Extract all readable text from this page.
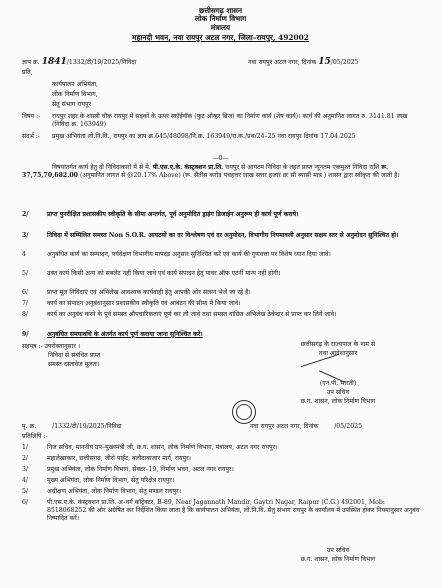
छत्तीसगढ़ शासन
लोक निर्माण विभाग
मंत्रालय
महानदी भवन, नवा रायपुर अटल नगर, जिला–रायपुर, 492002
ज्ञाप क्र. 1841/1332/टी/19/2025/निविदा	नवा रायपुर अटल नगर, दिनांक 15/05/2025
प्रति,
कार्यपालन अभियंता,
लोक निर्माण विभाग,
सेतु संभाग रायपुर
विषय :-	रायपुर शहर के शास्त्री चौक रायपुर में सड़कों के ऊपर स्कॉईवॉक (फुट ओव्हर ब्रिज) का निर्माण कार्य (शेष कार्य)। कार्य की अनुमानित लागत रु. 3141.81 लाख (निविदा क्र. 163949)
संदर्भ :-	प्रमुख अभियंता लो.नि.वि., रायपुर का ज्ञाप क्र.645/48098/नि.क्र. 163949/रा.क./प्रथ/24–25 नवा रायपुर दिनांक 17.04.2025
—0—
विषयांतर्गत कार्य हेतु दो निविदाकारों में से मे. पी.एस.ए.के. कंस्ट्रक्शन प्रा.लि. रायपुर से आयटम निविदा के तहत प्राप्त न्यूनतम एकमुश्त निविदा राशि रू. 37,75,70,682.00 (अनुमानित लागत से @20.17% Above) (रू. सैंतीस करोड़ पचहत्तर लाख सत्तर हजार छः सौ ब्यासी मात्र ) शासन द्वारा स्वीकृत की जाती है।
2/	प्राप्त पुनरीक्षित प्रशासकीय स्वीकृति के सीमा अन्तर्गत, पूर्व अनुमोदित ड्राइंग डिजाईन अनुरूप ही कार्य पूर्ण कराये।
3/	निविदा में सम्मिलित समस्त Non S.O.R. आयटमों का दर विश्लेषण एवं दर अनुमोदन, विभागीय नियमावली अनुसार सक्षम स्तर से अनुमोदन सुनिश्चित हो।
4	अनुबंधित कार्य का सम्पादन, पर्यवेक्षण विभागीय मापदंड अनुसार सुनिश्चित करें एवं कार्य की गुणवत्ता पर विशेष ध्यान दिया जावे।
5/	उक्त कार्य किसी अन्य को सबलेट नहीं किया जावे एवं कार्य संपादन हेतु पावर ऑफ एटर्नी मान्य नहीं होगी।
6/	प्राप्त मूल निविदाएं एवं अभिलेख आवश्यक कार्यवाही हेतु आपकी ओर संलग्न भेजे जा रहे है।
7/	कार्य का संपादन अनुबंधानुसार प्रशासकीय स्वीकृति एवं आबंटन की सीमा में किया जावे।
8/	कार्य का अनुबंध करने के पूर्व समस्त औपचारिकताएं पूर्ण कर ली जावे तथा समस्त वांछित अभिलेख ठेकेदार से प्राप्त कर लिये जावे।
9/	अनुबंधित समयावधि के अंतर्गत कार्य पूर्ण कराया जाना सुनिश्चित करें।
सहपत्र :- उपरोक्तानुसार ।
निविदा से संबंधित प्राप्त
समस्त दस्तावेज मूलतः।
छत्तीसगढ़ के राज्यपाल के नाम से
तथा आदेशानुसार
(एन.पी. भारती)
उप सचिव
छ.ग. शासन, लोक निर्माण विभाग
पृ. क्र.	/1332/टी/19/2025/निविदा	नवा रायपुर अटल नगर, दिनांक	/05/2025
प्रतिलिपि :-
1/	निज सचिव, माननीय उप–मुख्यमंत्री जी, छ.ग. शासन, लोक निर्माण विभाग, मंत्रालय, अटल नगर रायपुर।
2/	महालेखाकार, छत्तीसगढ़, जीरो पाईंट, बलौदाबाजार मार्ग, रायपुर।
3/	प्रमुख अभियंता, लोक निर्माण विभाग, सेक्टर–19, निर्माण भवन, अटल नगर रायपुर।
4/	मुख्य अभियंता, लोक निर्माण विभाग, सेतु परिक्षेत्र रायपुर।
5/	अधीक्षण अभियंता, लोक निर्माण विभाग, सेतु मण्डल रायपुर।
6/	पी.एस.ए.के. कंस्ट्रक्शन प्रा.लि. अ–वर्ग कॉट्रेक्टर, B-89, Near Jagannath Mandir, Gaytri Nagar, Raipur (C.G.) 492001, Mob: 8518068252 की ओर अग्रेषित कर निर्देशित किया जाता है कि कार्यपालन अभियंता, लो.नि.वि. सेतु संभाग रायपुर के कार्यालय में उपस्थित होकर नियमानुसार अनुबंध निष्पादित करें।
उप सचिव
छ.ग. शासन, लोक निर्माण विभाग
